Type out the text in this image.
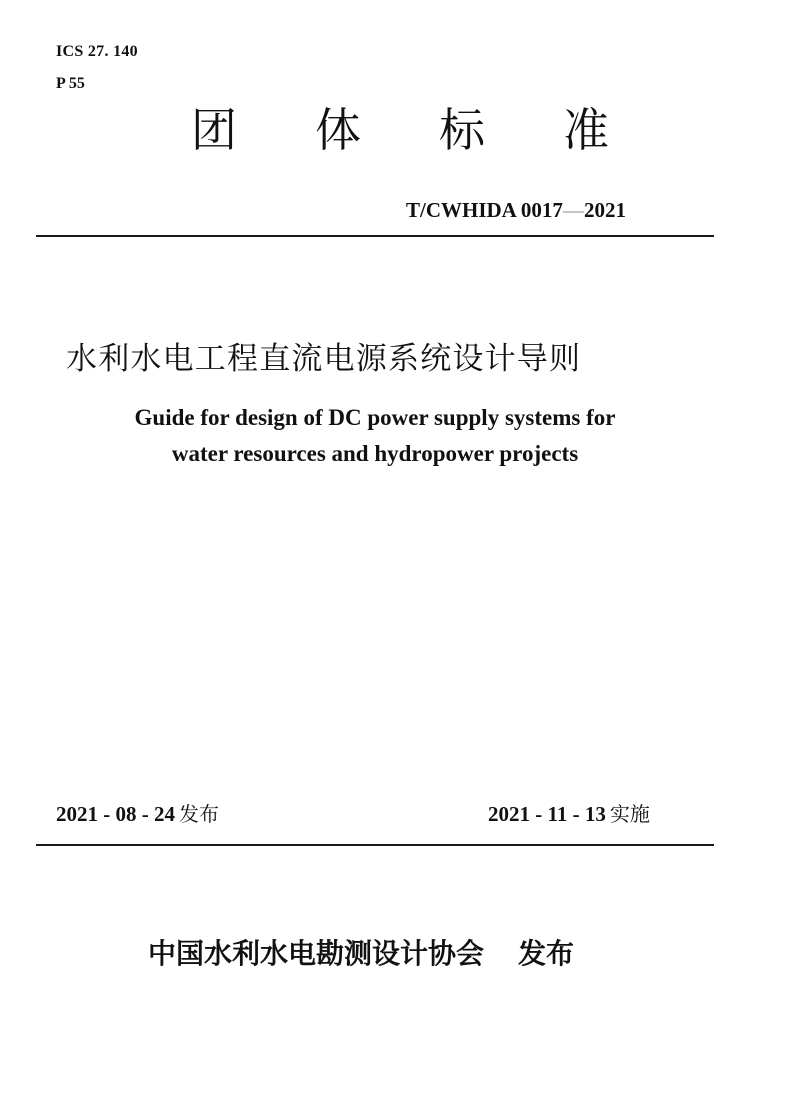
ICS 27. 140
P 55
团 体 标 准
T/CWHIDA 0017—2021
水利水电工程直流电源系统设计导则
Guide for design of DC power supply systems for
water resources and hydropower projects
2021 - 08 - 24 发布	2021 - 11 - 13 实施
中国水利水电勘测设计协会 发布
